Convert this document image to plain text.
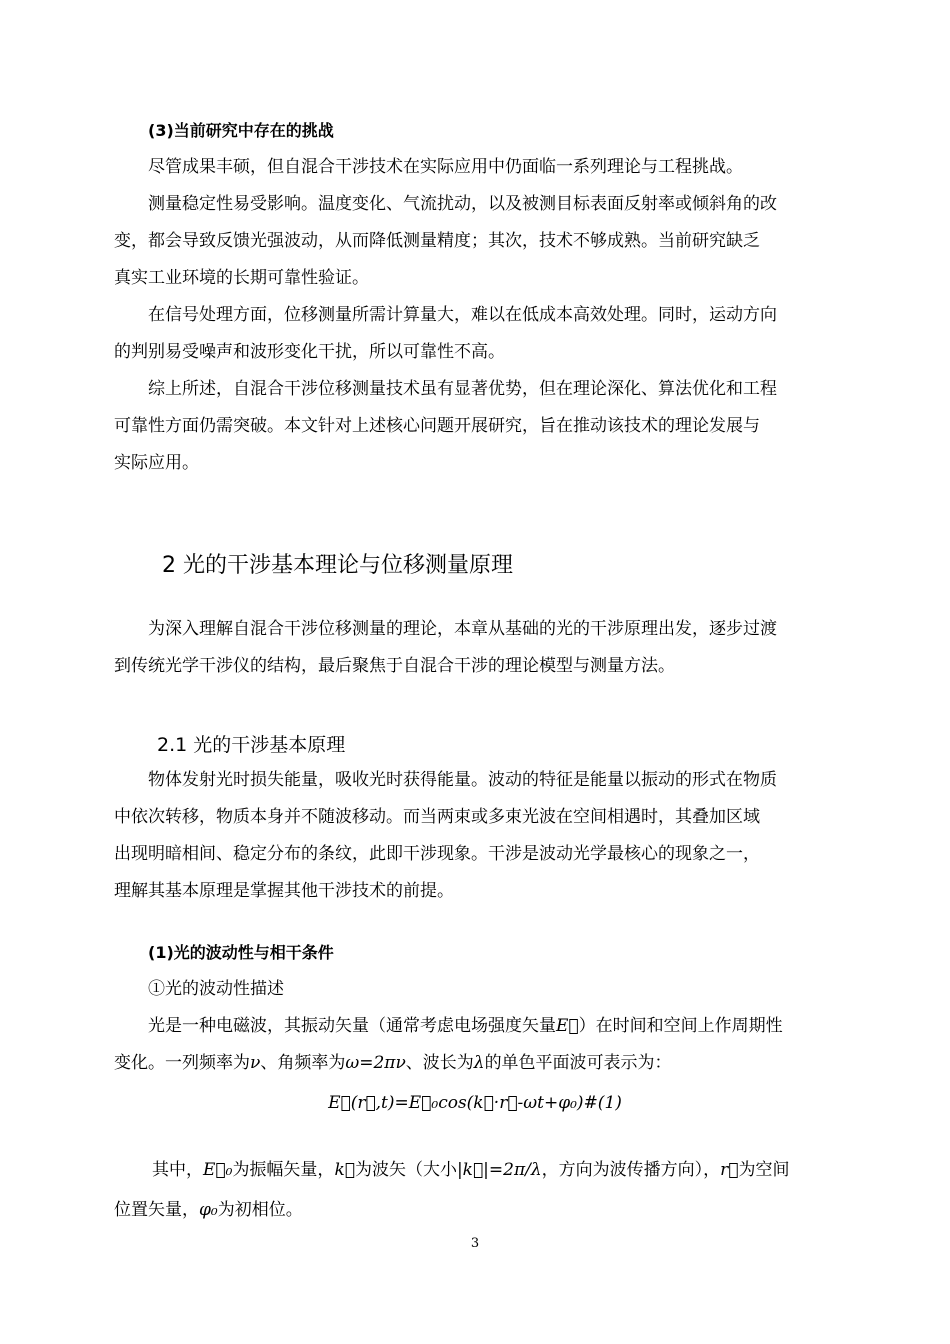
(3)当前研究中存在的挑战

尽管成果丰硕，但自混合干涉技术在实际应用中仍面临一系列理论与工程挑战。

测量稳定性易受影响。温度变化、气流扰动，以及被测目标表面反射率或倾斜角的改
变，都会导致反馈光强波动，从而降低测量精度；其次，技术不够成熟。当前研究缺乏
真实工业环境的长期可靠性验证。

在信号处理方面，位移测量所需计算量大，难以在低成本高效处理。同时，运动方向
的判别易受噪声和波形变化干扰，所以可靠性不高。

综上所述，自混合干涉位移测量技术虽有显著优势，但在理论深化、算法优化和工程
可靠性方面仍需突破。本文针对上述核心问题开展研究，旨在推动该技术的理论发展与
实际应用。

2 光的干涉基本理论与位移测量原理

为深入理解自混合干涉位移测量的理论，本章从基础的光的干涉原理出发，逐步过渡
到传统光学干涉仪的结构，最后聚焦于自混合干涉的理论模型与测量方法。

2.1 光的干涉基本原理

物体发射光时损失能量，吸收光时获得能量。波动的特征是能量以振动的形式在物质
中依次转移，物质本身并不随波移动。而当两束或多束光波在空间相遇时，其叠加区域
出现明暗相间、稳定分布的条纹，此即干涉现象。干涉是波动光学最核心的现象之一，
理解其基本原理是掌握其他干涉技术的前提。

(1)光的波动性与相干条件

①光的波动性描述

光是一种电磁波，其振动矢量（通常考虑电场强度矢量E⃗）在时间和空间上作周期性
变化。一列频率为ν、角频率为ω=2πν、波长为λ的单色平面波可表示为：

E⃗(r⃗,t)=E⃗₀cos(k⃗·r⃗-ωt+φ₀)#(1)

其中，E⃗₀为振幅矢量，k⃗为波矢（大小|k⃗|=2π/λ，方向为波传播方向），r⃗为空间
位置矢量，φ₀为初相位。

3
